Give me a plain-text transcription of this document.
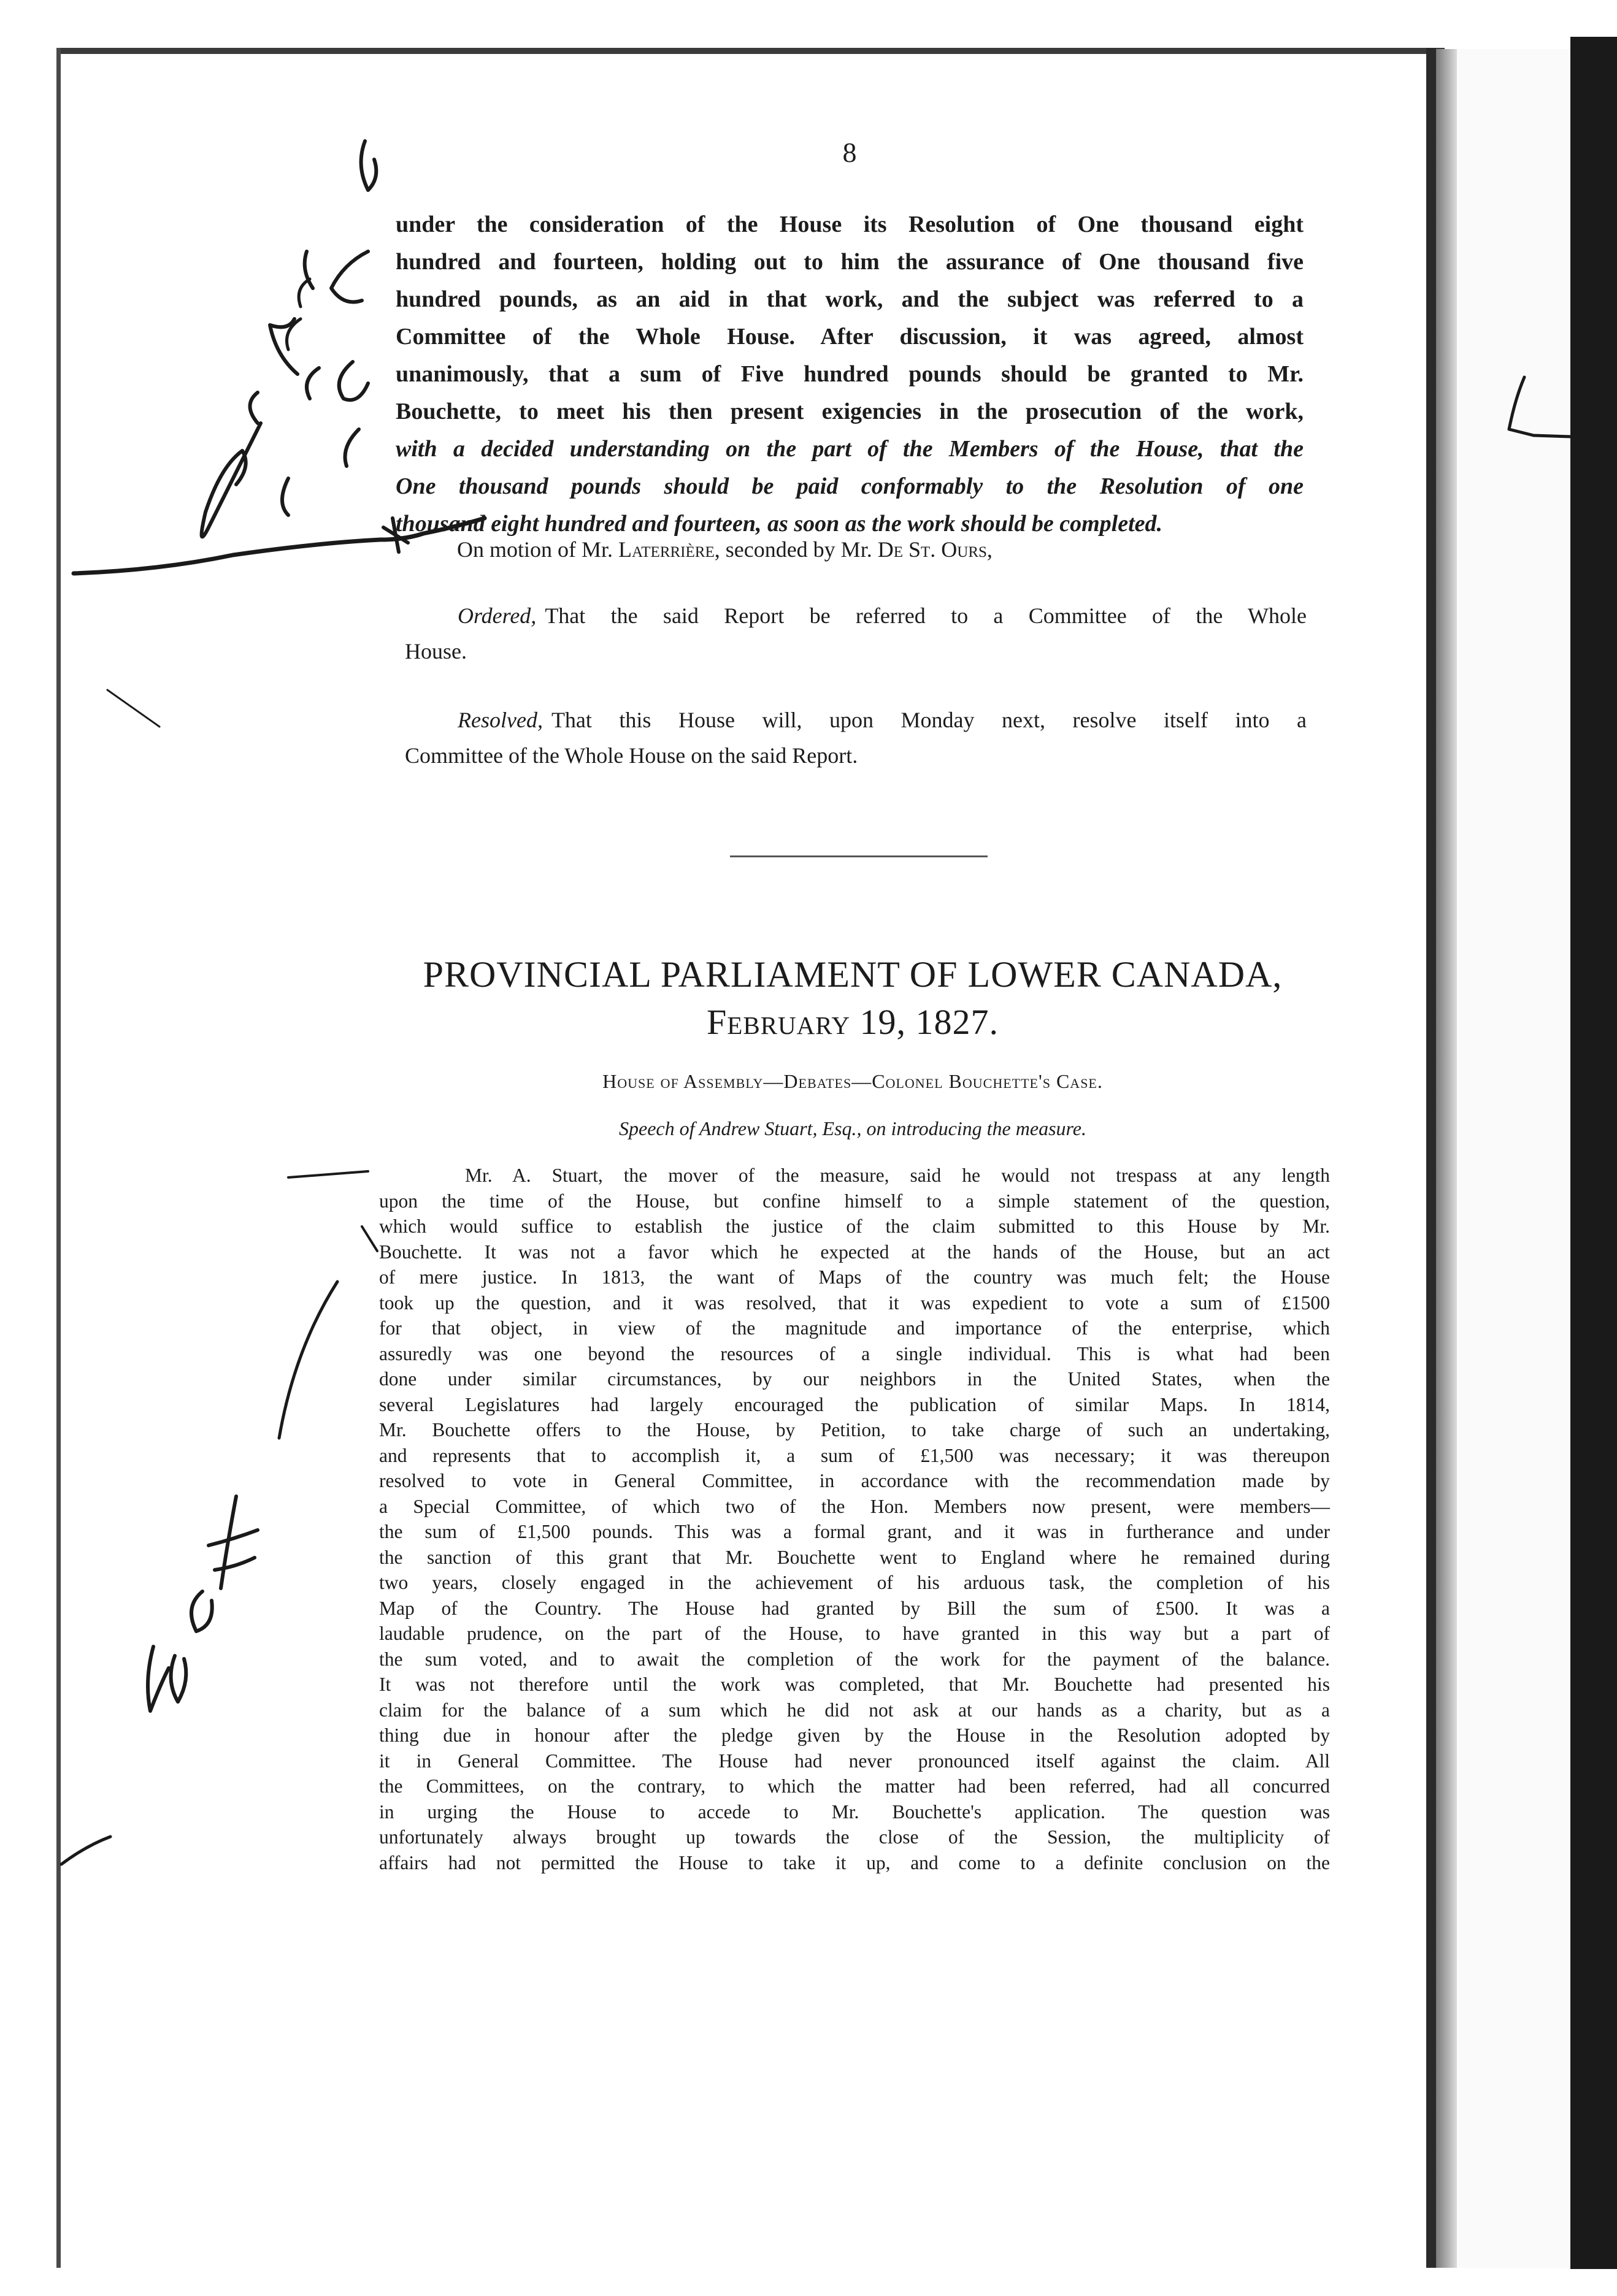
8
under the consideration of the House its Resolution of One thousand eight
hundred and fourteen, holding out to him the assurance of One thousand five
hundred pounds, as an aid in that work, and the subject was referred to a
Committee of the Whole House. After discussion, it was agreed, almost
unanimously, that a sum of Five hundred pounds should be granted to Mr.
Bouchette, to meet his then present exigencies in the prosecution of the work,
with a decided understanding on the part of the Members of the House, that the
One thousand pounds should be paid conformably to the Resolution of one
thousand eight hundred and fourteen, as soon as the work should be completed.
On motion of Mr. Laterrière, seconded by Mr. De St. Ours,
Ordered, That the said Report be referred to a Committee of the Whole
House.
Resolved, That this House will, upon Monday next, resolve itself into a
Committee of the Whole House on the said Report.
PROVINCIAL PARLIAMENT OF LOWER CANADA,
February 19, 1827.
House of Assembly—Debates—Colonel Bouchette's Case.
Speech of Andrew Stuart, Esq., on introducing the measure.
Mr. A. Stuart, the mover of the measure, said he would not trespass at any length
upon the time of the House, but confine himself to a simple statement of the question,
which would suffice to establish the justice of the claim submitted to this House by Mr.
Bouchette. It was not a favor which he expected at the hands of the House, but an act
of mere justice. In 1813, the want of Maps of the country was much felt; the House
took up the question, and it was resolved, that it was expedient to vote a sum of £1500
for that object, in view of the magnitude and importance of the enterprise, which
assuredly was one beyond the resources of a single individual. This is what had been
done under similar circumstances, by our neighbors in the United States, when the
several Legislatures had largely encouraged the publication of similar Maps. In 1814,
Mr. Bouchette offers to the House, by Petition, to take charge of such an undertaking,
and represents that to accomplish it, a sum of £1,500 was necessary; it was thereupon
resolved to vote in General Committee, in accordance with the recommendation made by
a Special Committee, of which two of the Hon. Members now present, were members—
the sum of £1,500 pounds. This was a formal grant, and it was in furtherance and under
the sanction of this grant that Mr. Bouchette went to England where he remained during
two years, closely engaged in the achievement of his arduous task, the completion of his
Map of the Country. The House had granted by Bill the sum of £500. It was a
laudable prudence, on the part of the House, to have granted in this way but a part of
the sum voted, and to await the completion of the work for the payment of the balance.
It was not therefore until the work was completed, that Mr. Bouchette had presented his
claim for the balance of a sum which he did not ask at our hands as a charity, but as a
thing due in honour after the pledge given by the House in the Resolution adopted by
it in General Committee. The House had never pronounced itself against the claim. All
the Committees, on the contrary, to which the matter had been referred, had all concurred
in urging the House to accede to Mr. Bouchette's application. The question was
unfortunately always brought up towards the close of the Session, the multiplicity of
affairs had not permitted the House to take it up, and come to a definite conclusion on the
